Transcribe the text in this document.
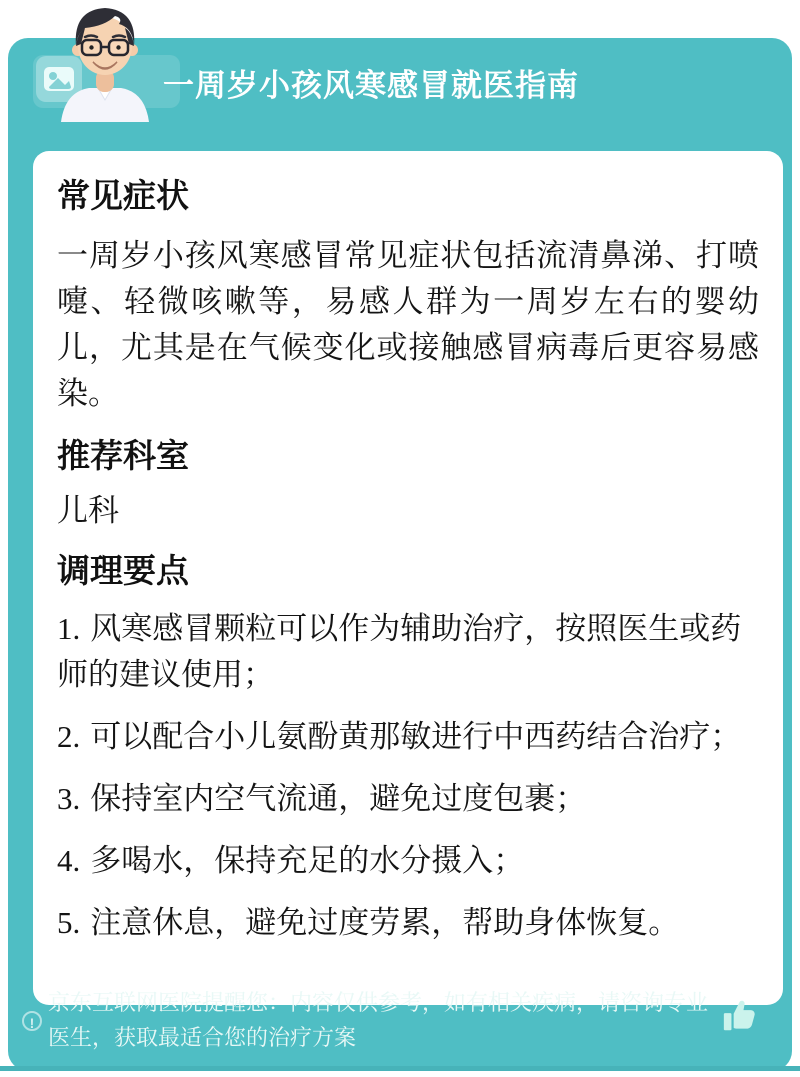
一周岁小孩风寒感冒就医指南
常见症状

一周岁小孩风寒感冒常见症状包括流清鼻涕、打喷嚏、轻微咳嗽等，易感人群为一周岁左右的婴幼儿，尤其是在气候变化或接触感冒病毒后更容易感染。

推荐科室

儿科

调理要点
1. 风寒感冒颗粒可以作为辅助治疗，按照医生或药师的建议使用；
2. 可以配合小儿氨酚黄那敏进行中西药结合治疗；
3. 保持室内空气流通，避免过度包裹；
4. 多喝水，保持充足的水分摄入；
5. 注意休息，避免过度劳累，帮助身体恢复。
!
京东互联网医院提醒您：内容仅供参考，如有相关疾病，请咨询专业医生，获取最适合您的治疗方案
